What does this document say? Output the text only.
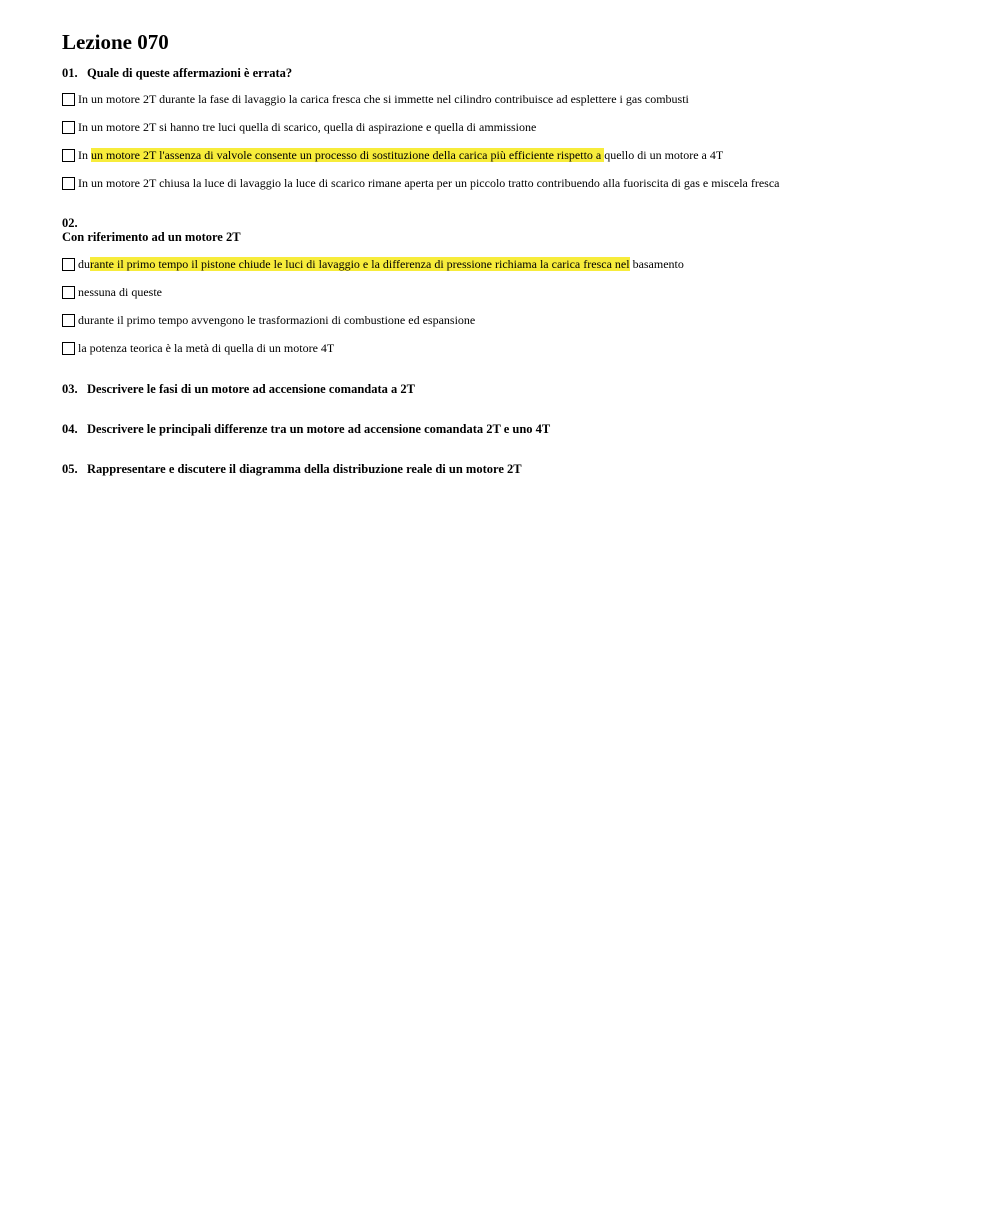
Lezione 070
01. Quale di queste affermazioni è errata?
In un motore 2T durante la fase di lavaggio la carica fresca che si immette nel cilindro contribuisce ad esplettere i gas combusti
In un motore 2T si hanno tre luci quella di scarico, quella di aspirazione e quella di ammissione
In un motore 2T l'assenza di valvole consente un processo di sostituzione della carica più efficiente rispetto a quello di un motore a 4T
In un motore 2T chiusa la luce di lavaggio la luce di scarico rimane aperta per un piccolo tratto contribuendo alla fuoriscita di gas e miscela fresca
02.
Con riferimento ad un motore 2T
durante il primo tempo il pistone chiude le luci di lavaggio e la differenza di pressione richiama la carica fresca nel basamento
nessuna di queste
durante il primo tempo avvengono le trasformazioni di combustione ed espansione
la potenza teorica è la metà di quella di un motore 4T
03. Descrivere le fasi di un motore ad accensione comandata a 2T
04. Descrivere le principali differenze tra un motore ad accensione comandata 2T e uno 4T
05. Rappresentare e discutere il diagramma della distribuzione reale di un motore 2T
